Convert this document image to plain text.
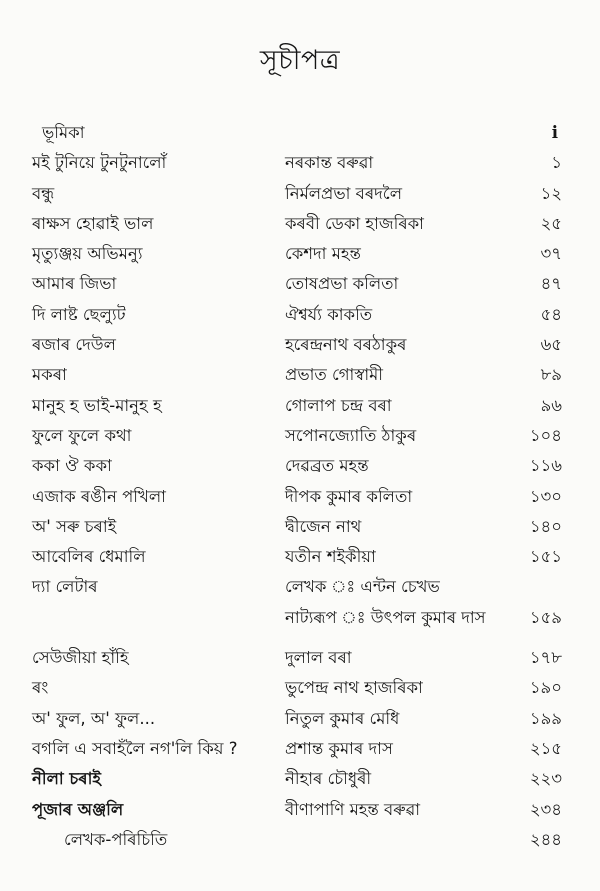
সূচীপত্ৰ
ভূমিকা	i
মই টুনিয়ে টুনটুনালোঁ	নৰকান্ত বৰুৱা	১
বন্ধু	নিৰ্মলপ্ৰভা বৰদলৈ	১২
ৰাক্ষস হোৱাই ভাল	কৰবী ডেকা হাজৰিকা	২৫
মৃত্যুঞ্জয় অভিমন্যু	কেশদা মহন্ত	৩৭
আমাৰ জিভা	তোষপ্ৰভা কলিতা	৪৭
দি লাষ্ট ছেল্যুট	ঐশ্বৰ্য্য কাকতি	৫৪
ৰজাৰ দেউল	হৰেন্দ্ৰনাথ বৰঠাকুৰ	৬৫
মকৰা	প্ৰভাত গোস্বামী	৮৯
মানুহ হ ভাই-মানুহ হ	গোলাপ চন্দ্ৰ বৰা	৯৬
ফুলে ফুলে কথা	সপোনজ্যোতি ঠাকুৰ	১০৪
ককা ঔ ককা	দেৱব্ৰত মহন্ত	১১৬
এজাক ৰঙীন পখিলা	দীপক কুমাৰ কলিতা	১৩০
অ' সৰু চৰাই	দ্বীজেন নাথ	১৪০
আবেলিৰ ধেমালি	যতীন শইকীয়া	১৫১
দ্যা লেটাৰ	লেখক ঃ এন্টন চেখভ
নাট্যৰূপ ঃ উৎপল কুমাৰ দাস	১৫৯
সেউজীয়া হাঁহি	দুলাল বৰা	১৭৮
ৰং	ভুপেন্দ্ৰ নাথ হাজৰিকা	১৯০
অ' ফুল, অ' ফুল...	নিতুল কুমাৰ মেধি	১৯৯
বগলি এ সবাহঁলৈ নগ'লি কিয় ?	প্ৰশান্ত কুমাৰ দাস	২১৫
নীলা চৰাই	নীহাৰ চৌধুৰী	২২৩
পূজাৰ অঞ্জলি	বীণাপাণি মহন্ত বৰুৱা	২৩৪
লেখক-পৰিচিতি	২৪৪
